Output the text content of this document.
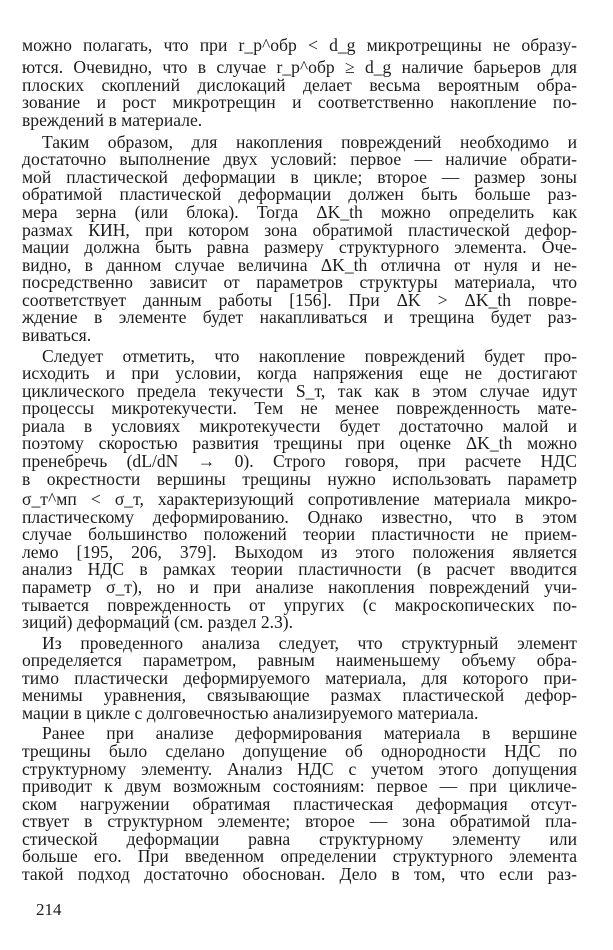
можно полагать, что при r_p^обр < d_g микротрещины не образу-
ются. Очевидно, что в случае r_p^обр ≥ d_g наличие барьеров для
плоских скоплений дислокаций делает весьма вероятным обра-
зование и рост микротрещин и соответственно накопление по-
вреждений в материале.
Таким образом, для накопления повреждений необходимо и
достаточно выполнение двух условий: первое — наличие обрати-
мой пластической деформации в цикле; второе — размер зоны
обратимой пластической деформации должен быть больше раз-
мера зерна (или блока). Тогда ΔK_th можно определить как
размах КИН, при котором зона обратимой пластической дефор-
мации должна быть равна размеру структурного элемента. Оче-
видно, в данном случае величина ΔK_th отлична от нуля и не-
посредственно зависит от параметров структуры материала, что
соответствует данным работы [156]. При ΔK > ΔK_th повре-
ждение в элементе будет накапливаться и трещина будет раз-
виваться.
Следует отметить, что накопление повреждений будет про-
исходить и при условии, когда напряжения еще не достигают
циклического предела текучести S_т, так как в этом случае идут
процессы микротекучести. Тем не менее поврежденность мате-
риала в условиях микротекучести будет достаточно малой и
поэтому скоростью развития трещины при оценке ΔK_th можно
пренебречь (dL/dN → 0). Строго говоря, при расчете НДС
в окрестности вершины трещины нужно использовать параметр
σ_т^мп < σ_т, характеризующий сопротивление материала микро-
пластическому деформированию. Однако известно, что в этом
случае большинство положений теории пластичности не прием-
лемо [195, 206, 379]. Выходом из этого положения является
анализ НДС в рамках теории пластичности (в расчет вводится
параметр σ_т), но и при анализе накопления повреждений учи-
тывается поврежденность от упругих (с макроскопических по-
зиций) деформаций (см. раздел 2.3).
Из проведенного анализа следует, что структурный элемент
определяется параметром, равным наименьшему объему обра-
тимо пластически деформируемого материала, для которого при-
менимы уравнения, связывающие размах пластической дефор-
мации в цикле с долговечностью анализируемого материала.
Ранее при анализе деформирования материала в вершине
трещины было сделано допущение об однородности НДС по
структурному элементу. Анализ НДС с учетом этого допущения
приводит к двум возможным состояниям: первое — при цикличе-
ском нагружении обратимая пластическая деформация отсут-
ствует в структурном элементе; второе — зона обратимой пла-
стической деформации равна структурному элементу или
больше его. При введенном определении структурного элемента
такой подход достаточно обоснован. Дело в том, что если раз-
214
